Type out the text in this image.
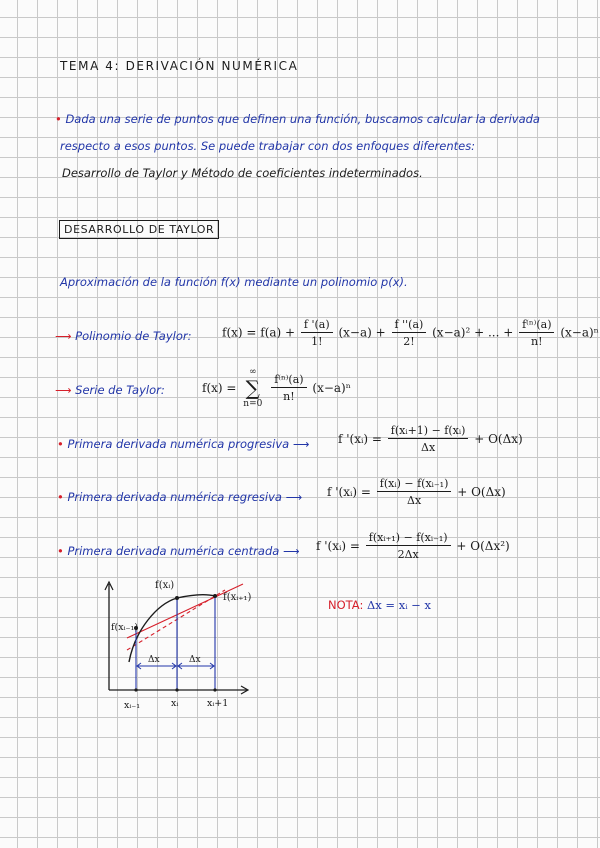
TEMA 4: DERIVACIÓN NUMÉRICA
• Dada una serie de puntos que definen una función, buscamos calcular la derivada
respecto a esos puntos. Se puede trabajar con dos enfoques diferentes:
Desarrollo de Taylor y Método de coeficientes indeterminados.
DESARROLLO DE TAYLOR
Aproximación de la función f(x) mediante un polinomio p(x).
⟶ Polinomio de Taylor:	$f(x) = f(a) + \frac{f '(a)}{1!} (x-a) + \frac{f ''(a)}{2!} (x-a)^2$ + ... + $\frac{\text{f⁽ⁿ⁾(a)}}{n!} (x-a)^n$
⟶ Serie de Taylor:	f(x) =
∞
∑
n=0

$\frac{\text{f⁽ⁿ⁾(a)}}{n!} (x-a)^n$
• Primera derivada numérica progresiva ⟶ f '(xᵢ) = $\frac{\text{f(xᵢ+1) − f(xᵢ)}}{\Delta x} + O(\Delta x)$
• Primera derivada numérica regresiva ⟶ f '(xᵢ) = $\frac{\text{f(xᵢ) − f(xᵢ₋₁)}}{\Delta x} + O(\Delta x)$
• Primera derivada numérica centrada ⟶ f '(xᵢ) = $\frac{\text{f(xᵢ₊₁) − f(xᵢ₋₁)}}{2\Delta x} + O(\Delta x^2)$
f(xᵢ)
f(xᵢ₊₁)
f(xᵢ₋₁)
Δx	Δx
xᵢ₋₁	xᵢ	xᵢ+1
NOTA: Δx = xᵢ − x
